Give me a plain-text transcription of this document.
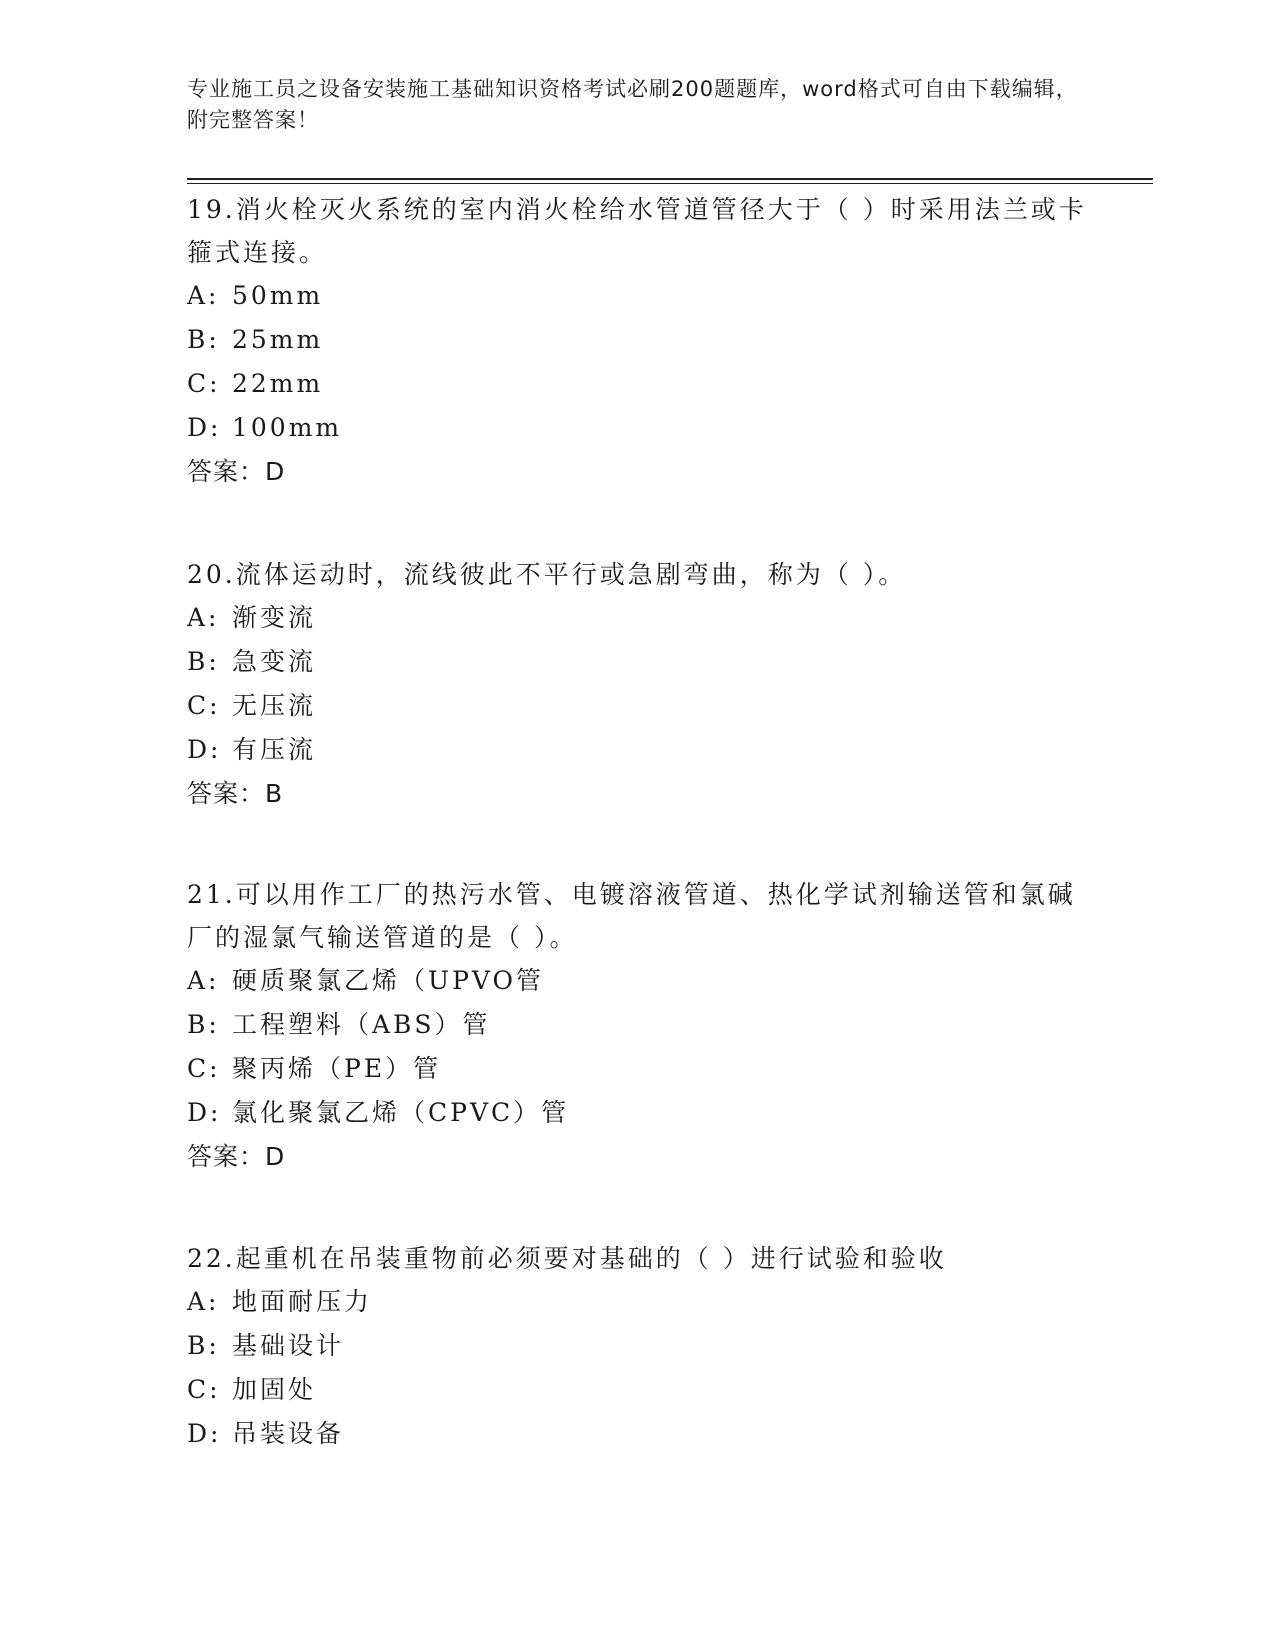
专业施工员之设备安装施工基础知识资格考试必刷200题题库，word格式可自由下载编辑，附完整答案！

19.消火栓灭火系统的室内消火栓给水管道管径大于（ ）时采用法兰或卡箍式连接。

A: 50mm
B: 25mm
C: 22mm
D: 100mm
答案：D

20.流体运动时，流线彼此不平行或急剧弯曲，称为（ ）。

A: 渐变流
B: 急变流
C: 无压流
D: 有压流
答案：B

21.可以用作工厂的热污水管、电镀溶液管道、热化学试剂输送管和氯碱厂的湿氯气输送管道的是（ ）。

A: 硬质聚氯乙烯（UPVO管
B: 工程塑料（ABS）管
C: 聚丙烯（PE）管
D: 氯化聚氯乙烯（CPVC）管
答案：D

22.起重机在吊装重物前必须要对基础的（ ）进行试验和验收

A: 地面耐压力
B: 基础设计
C: 加固处
D: 吊装设备
